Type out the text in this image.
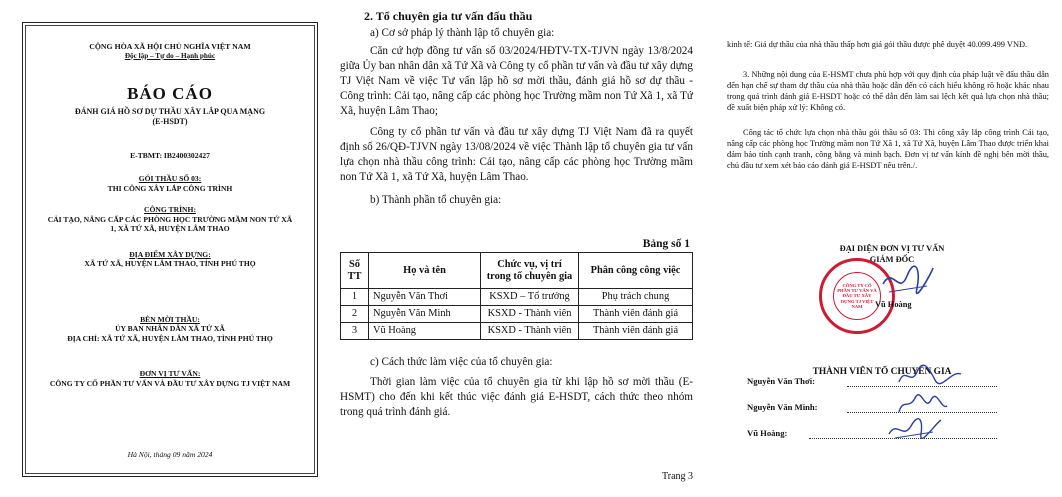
CỘNG HÒA XÃ HỘI CHỦ NGHĨA VIỆT NAM
Độc lập – Tự do – Hạnh phúc
BÁO CÁO
ĐÁNH GIÁ HỒ SƠ DỰ THẦU XÂY LẮP QUA MẠNG
(E-HSDT)
E-TBMT: IB2400302427
GÓI THẦU SỐ 03:
THI CÔNG XÂY LẮP CÔNG TRÌNH
CÔNG TRÌNH:
CẢI TẠO, NÂNG CẤP CÁC PHÒNG HỌC TRƯỜNG MẦM NON TỨ XÃ
1, XÃ TỨ XÃ, HUYỆN LÂM THAO
ĐỊA ĐIỂM XÂY DỰNG:
XÃ TỨ XÃ, HUYỆN LÂM THAO, TỈNH PHÚ THỌ
BÊN MỜI THẦU:
ỦY BAN NHÂN DÂN XÃ TỨ XÃ
ĐỊA CHỈ: XÃ TỨ XÃ, HUYỆN LÂM THAO, TỈNH PHÚ THỌ
ĐƠN VỊ TƯ VẤN:
CÔNG TY CỔ PHẦN TƯ VẤN VÀ ĐẦU TƯ XÂY DỰNG TJ VIỆT NAM
Hà Nội, tháng 09 năm 2024
2. Tổ chuyên gia tư vấn đấu thầu
a) Cơ sở pháp lý thành lập tổ chuyên gia:
Căn cứ hợp đồng tư vấn số 03/2024/HĐTV-TX-TJVN ngày 13/8/2024 giữa Ủy ban nhân dân xã Tứ Xã và Công ty cổ phần tư vấn và đầu tư xây dựng TJ Việt Nam về việc Tư vấn lập hồ sơ mời thầu, đánh giá hồ sơ dự thầu - Công trình: Cải tạo, nâng cấp các phòng học Trường mầm non Tứ Xã 1, xã Tứ Xã, huyện Lâm Thao;
Công ty cổ phần tư vấn và đầu tư xây dựng TJ Việt Nam đã ra quyết định số 26/QĐ-TJVN ngày 13/08/2024 về việc Thành lập tổ chuyên gia tư vấn lựa chọn nhà thầu công trình: Cải tạo, nâng cấp các phòng học Trường mầm non Tứ Xã 1, xã Tứ Xã, huyện Lâm Thao.
b) Thành phần tổ chuyên gia:
Bảng số 1
Số TT	Họ và tên	Chức vụ, vị trí trong tổ chuyên gia	Phân công công việc
1	Nguyễn Văn Thơi	KSXD – Tổ trưởng	Phụ trách chung
2	Nguyễn Văn Minh	KSXD - Thành viên	Thành viên đánh giá
3	Vũ Hoàng	KSXD - Thành viên	Thành viên đánh giá
c) Cách thức làm việc của tổ chuyên gia:
Thời gian làm việc của tổ chuyên gia từ khi lập hồ sơ mời thầu (E-HSMT) cho đến khi kết thúc việc đánh giá E-HSDT, cách thức theo nhóm trong quá trình đánh giá.
Trang 3
kinh tế: Giá dự thầu của nhà thầu thấp hơn giá gói thầu được phê duyệt 40.099.499 VNĐ.
3. Những nội dung của E-HSMT chưa phù hợp với quy định của pháp luật về đấu thầu dẫn đến hạn chế sự tham dự thầu của nhà thầu hoặc dẫn đến có cách hiểu không rõ hoặc khác nhau trong quá trình đánh giá E-HSDT hoặc có thể dẫn đến làm sai lệch kết quả lựa chọn nhà thầu; đề xuất biện pháp xử lý: Không có.
Công tác tổ chức lựa chọn nhà thầu gói thầu số 03: Thi công xây lắp công trình Cải tạo, nâng cấp các phòng học Trường mầm non Tứ Xã 1, xã Tứ Xã, huyện Lâm Thao được triển khai đảm bảo tính cạnh tranh, công bằng và minh bạch. Đơn vị tư vấn kính đề nghị bên mời thầu, chủ đầu tư xem xét báo cáo đánh giá E-HSDT nêu trên./.
ĐẠI DIỆN ĐƠN VỊ TƯ VẤN
GIÁM ĐỐC
CÔNG TY CỔ PHẦN TƯ VẤN VÀ ĐẦU TƯ XÂY DỰNG TJ VIỆT NAM	Vũ Hoàng
THÀNH VIÊN TỔ CHUYÊN GIA
Nguyễn Văn Thơi:
Nguyễn Văn Minh:
Vũ Hoàng:
